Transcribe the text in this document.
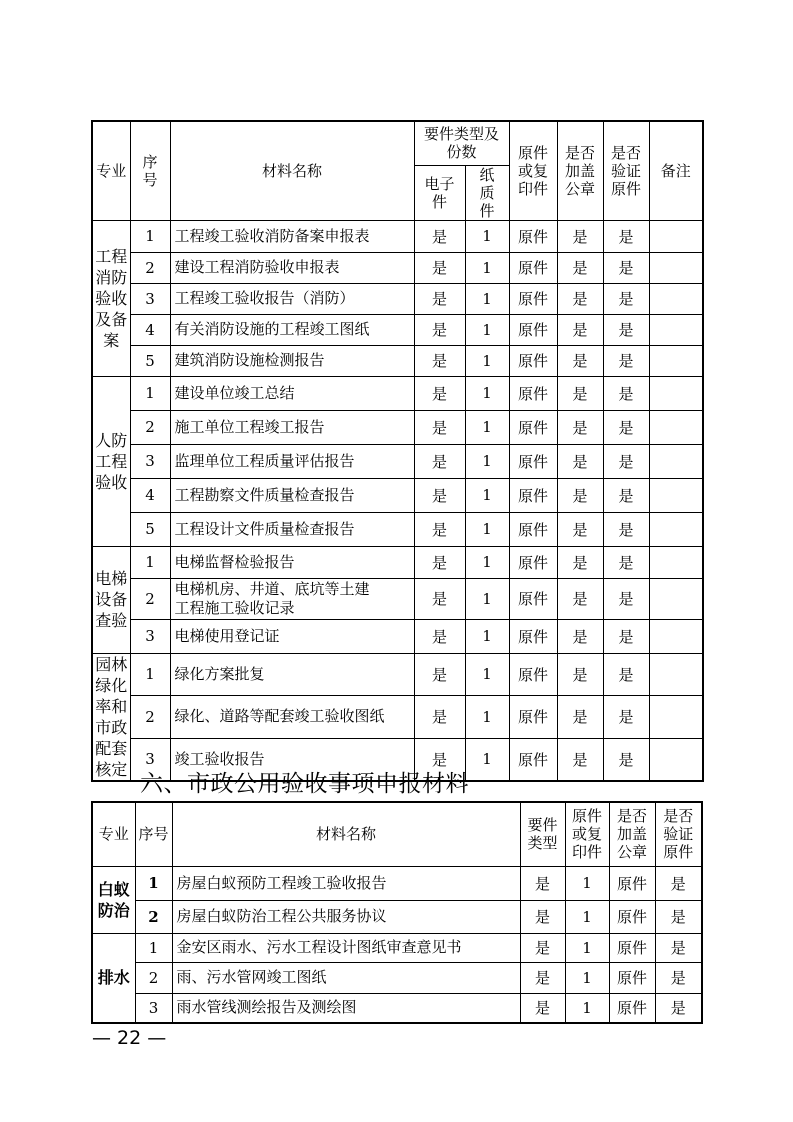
专业	序号	材料名称	要件类型及份数		原件或复印件	是否加盖公章	是否验证原件	备注
			电子件	纸质件				
工程消防验收及备案	1	工程竣工验收消防备案申报表	是	1	原件	是	是	
	2	建设工程消防验收申报表	是	1	原件	是	是	
	3	工程竣工验收报告（消防）	是	1	原件	是	是	
	4	有关消防设施的工程竣工图纸	是	1	原件	是	是	
	5	建筑消防设施检测报告	是	1	原件	是	是	
人防工程验收	1	建设单位竣工总结	是	1	原件	是	是	
	2	施工单位工程竣工报告	是	1	原件	是	是	
	3	监理单位工程质量评估报告	是	1	原件	是	是	
	4	工程勘察文件质量检查报告	是	1	原件	是	是	
	5	工程设计文件质量检查报告	是	1	原件	是	是	
电梯设备查验	1	电梯监督检验报告	是	1	原件	是	是	
	2	电梯机房、井道、底坑等土建工程施工验收记录	是	1	原件	是	是	
	3	电梯使用登记证	是	1	原件	是	是	
园林绿化率和市政配套核定	1	绿化方案批复	是	1	原件	是	是	
	2	绿化、道路等配套竣工验收图纸	是	1	原件	是	是	
	3	竣工验收报告	是	1	原件	是	是	
六、市政公用验收事项申报材料
专业	序号	材料名称	要件类型	原件或复印件	是否加盖公章	是否验证原件
白蚁防治	1	房屋白蚁预防工程竣工验收报告	是	1	原件	是
	2	房屋白蚁防治工程公共服务协议	是	1	原件	是
排水	1	金安区雨水、污水工程设计图纸审查意见书	是	1	原件	是
	2	雨、污水管网竣工图纸	是	1	原件	是
	3	雨水管线测绘报告及测绘图	是	1	原件	是
— 22 —
